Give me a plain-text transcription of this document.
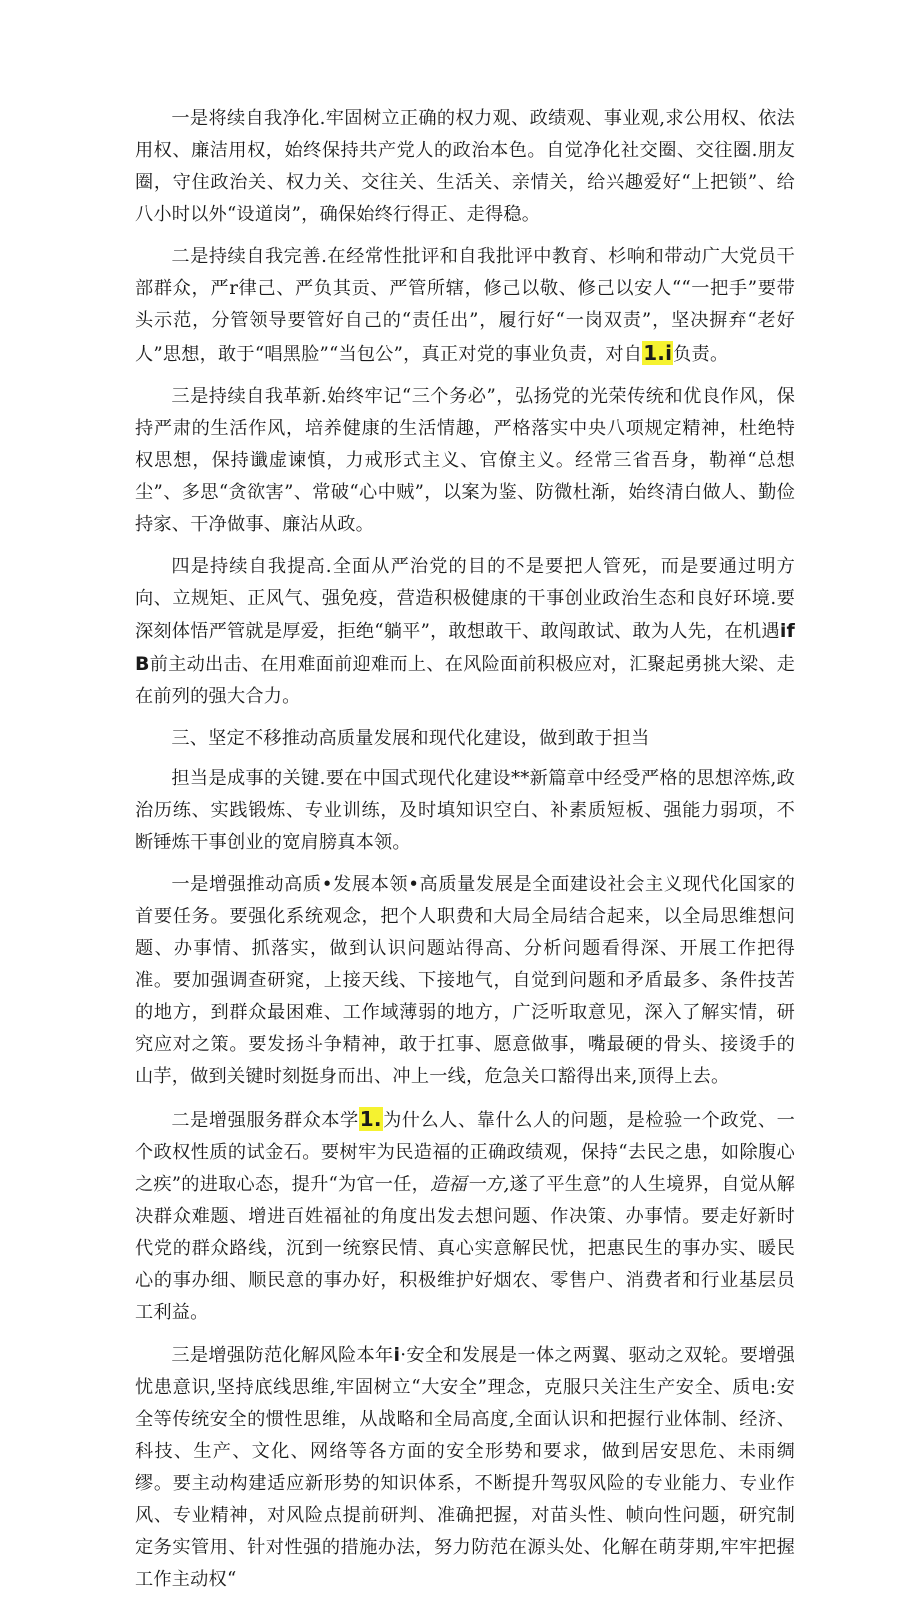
一是将续自我净化.牢固树立正确的权力观、政绩观、事业观,求公用权、依法用权、廉洁用权，始终保持共产党人的政治本色。自觉净化社交圈、交往圈.朋友圈，守住政治关、权力关、交往关、生活关、亲情关，给兴趣爱好“上把锁”、给八小时以外“设道岗”，确保始终行得正、走得稳。

二是持续自我完善.在经常性批评和自我批评中教育、杉响和带动广大党员干部群众，严r律己、严负其贡、严管所辖，修己以敬、修己以安人““一把手”要带头示范，分管领导要管好自己的“责任出”，履行好“一岗双责”，坚决摒弃“老好人”思想，敢于“唱黑脸”“当包公”，真正对党的事业负责，对自1.i负责。

三是持续自我革新.始终牢记“三个务必”，弘扬党的光荣传统和优良作风，保持严肃的生活作风，培养健康的生活情趣，严格落实中央八项规定精神，杜绝特权思想，保持谶虚谏慎，力戒形式主义、官僚主义。经常三省吾身，勒禅“总想尘”、多思“贪欲害”、常破“心中贼”，以案为鉴、防微杜渐，始终清白做人、勤俭持家、干净做事、廉沾从政。

四是持续自我提高.全面从严治党的目的不是要把人管死，而是要通过明方向、立规矩、正风气、强免疫，营造积极健康的干事创业政治生态和良好环境.要深刻体悟严管就是厚爱，拒绝“躺平”，敢想敢干、敢闯敢试、敢为人先，在机遇ifB前主动出击、在用难面前迎难而上、在风险面前积极应对，汇聚起勇挑大梁、走在前列的强大合力。

三、坚定不移推动高质量发展和现代化建设，做到敢于担当

担当是成事的关键.要在中国式现代化建设**新篇章中经受严格的思想淬炼,政治历练、实践锻炼、专业训练，及时填知识空白、补素质短板、强能力弱项，不断锤炼干事创业的宽肩膀真本领。

一是增强推动高质•发展本领•高质量发展是全面建设社会主义现代化国家的首要任务。要强化系统观念，把个人职费和大局全局结合起来，以全局思维想问题、办事情、抓落实，做到认识问题站得高、分析问题看得深、开展工作把得准。要加强调查研窕，上接天线、下接地气，自觉到问题和矛盾最多、条件技苦的地方，到群众最困难、工作域薄弱的地方，广泛听取意见，深入了解实情，研究应对之策。要发扬斗争精神，敢于扛事、愿意做事，嘴最硬的骨头、接烫手的山芋，做到关键时刻挺身而出、冲上一线，危急关口豁得出来,顶得上去。

二是增强服务群众本学1.为什么人、靠什么人的问题，是检验一个政党、一个政权性质的试金石。要树牢为民造福的正确政绩观，保持“去民之患，如除腹心之疾”的进取心态，提升“为官一任，造福一方,遂了平生意”的人生境界，自觉从解决群众难题、增进百姓福祉的角度出发去想问题、作决策、办事情。要走好新时代党的群众路线，沉到一统察民情、真心实意解民忧，把惠民生的事办实、暖民心的事办细、顺民意的事办好，积极维护好烟农、零售户、消费者和行业基层员工利益。

三是增强防范化解风险本年i·安全和发展是一体之两翼、驱动之双轮。要增强忧患意识,坚持底线思维,牢固树立“大安全”理念，克服只关注生产安全、质电:安全等传统安全的惯性思维，从战略和全局高度,全面认识和把握行业体制、经济、科技、生产、文化、网络等各方面的安全形势和要求，做到居安思危、未雨绸缪。要主动构建适应新形势的知识体系，不断提升驾驭风险的专业能力、专业作风、专业精神，对风险点提前研判、准确把握，对苗头性、帧向性问题，研究制定务实管用、针对性强的措施办法，努力防范在源头处、化解在萌芽期,牢牢把握工作主动权“
